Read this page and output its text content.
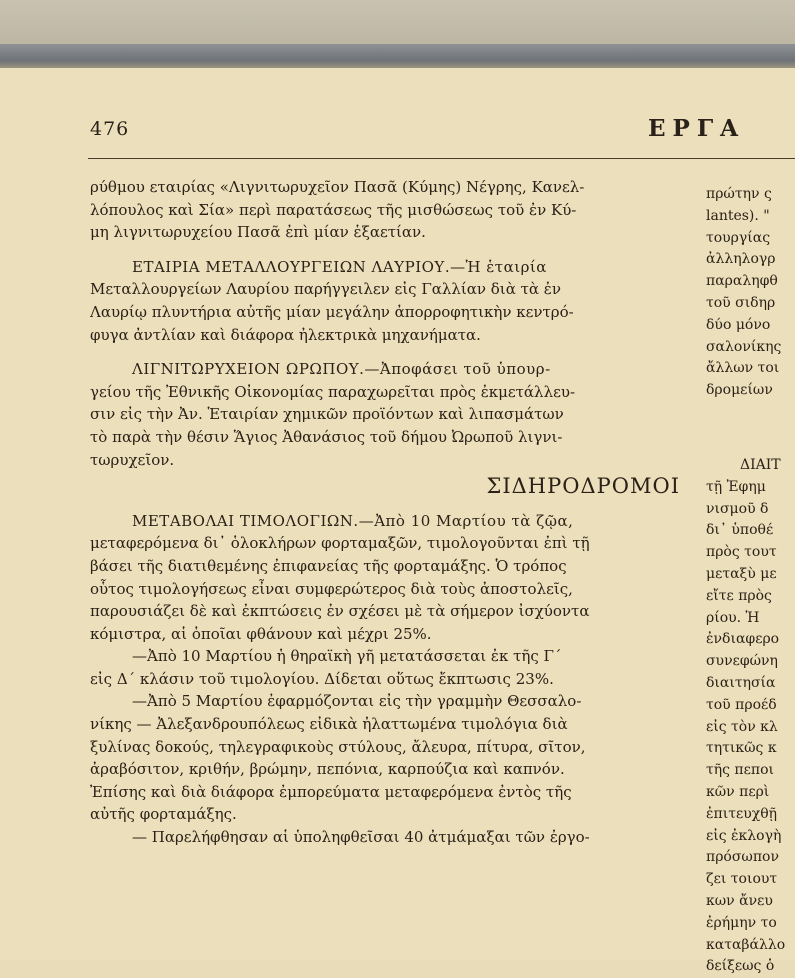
476	ΕΡΓΑ

ρύθμου εταιρίας «Λιγνιτωρυχεῖον Πασᾶ (Κύμης) Νέγρης, Κανελ-
λόπουλος καὶ Σία» περὶ παρατάσεως τῆς μισθώσεως τοῦ ἐν Κύ-
μη λιγνιτωρυχείου Πασᾶ ἐπὶ μίαν ἑξαετίαν.

ΕΤΑΙΡΙΑ ΜΕΤΑΛΛΟΥΡΓΕΙΩΝ ΛΑΥΡΙΟΥ.—Ἡ ἑταιρία
Μεταλλουργείων Λαυρίου παρήγγειλεν εἰς Γαλλίαν διὰ τὰ ἐν
Λαυρίῳ πλυντήρια αὐτῆς μίαν μεγάλην ἀπορροφητικὴν κεντρό-
φυγα ἀντλίαν καὶ διάφορα ἠλεκτρικὰ μηχανήματα.

ΛΙΓΝΙΤΩΡΥΧΕΙΟΝ ΩΡΩΠΟΥ.—Ἀποφάσει τοῦ ὑπουρ-
γείου τῆς Ἐθνικῆς Οἰκονομίας παραχωρεῖται πρὸς ἐκμετάλλευ-
σιν εἰς τὴν Ἀν. Ἑταιρίαν χημικῶν προϊόντων καὶ λιπασμάτων
τὸ παρὰ τὴν θέσιν Ἅγιος Ἀθανάσιος τοῦ δήμου Ὠρωποῦ λιγνι-
τωρυχεῖον.

ΣΙΔΗΡΟΔΡΟΜΟΙ

ΜΕΤΑΒΟΛΑΙ ΤΙΜΟΛΟΓΙΩΝ.—Ἀπὸ 10 Μαρτίου τὰ ζῷα,
μεταφερόμενα δι᾽ ὁλοκλήρων φορταμαξῶν, τιμολογοῦνται ἐπὶ τῇ
βάσει τῆς διατιθεμένης ἐπιφανείας τῆς φορταμάξης. Ὁ τρόπος
οὗτος τιμολογήσεως εἶναι συμφερώτερος διὰ τοὺς ἀποστολεῖς,
παρουσιάζει δὲ καὶ ἐκπτώσεις ἐν σχέσει μὲ τὰ σήμερον ἰσχύοντα
κόμιστρα, αἱ ὁποῖαι φθάνουν καὶ μέχρι 25%.

—Ἀπὸ 10 Μαρτίου ἡ θηραϊκὴ γῆ μετατάσσεται ἐκ τῆς Γ´
εἰς Δ´ κλάσιν τοῦ τιμολογίου. Δίδεται οὕτως ἔκπτωσις 23%.

—Ἀπὸ 5 Μαρτίου ἐφαρμόζονται εἰς τὴν γραμμὴν Θεσσαλο-
νίκης — Ἀλεξανδρουπόλεως εἰδικὰ ἠλαττωμένα τιμολόγια διὰ
ξυλίνας δοκούς, τηλεγραφικοὺς στύλους, ἄλευρα, πίτυρα, σῖτον,
ἀραβόσιτον, κριθήν, βρώμην, πεπόνια, καρπούζια καὶ καπνόν.
Ἐπίσης καὶ διὰ διάφορα ἐμπορεύματα μεταφερόμενα ἐντὸς τῆς
αὐτῆς φορταμάξης.

— Παρελήφθησαν αἱ ὑποληφθεῖσαι 40 ἀτμάμαξαι τῶν ἐργο-

πρώτην ς
lantes). "
τουργίας
ἀλληλογρ
παραληφθ
τοῦ σιδηρ
δύο μόνο
σαλονίκης
ἄλλων τοι
δρομείων
ΔΙΑΙΤ
τῇ Ἐφημ
νισμοῦ δ
δι᾽ ὑποθέ
πρὸς τουτ
μεταξὺ με
εἴτε πρὸς
ρίου. Ἡ
ἐνδιαφερο
συνεφώνη
διαιτησία
τοῦ προέδ
εἰς τὸν κλ
τητικῶς κ
τῆς πεποι
κῶν περὶ
ἐπιτευχθῇ
εἰς ἐκλογὴ
πρόσωπον
ζει τοιουτ
κων ἄνευ
ἐρήμην το
καταβάλλο
δείξεως ὁ
